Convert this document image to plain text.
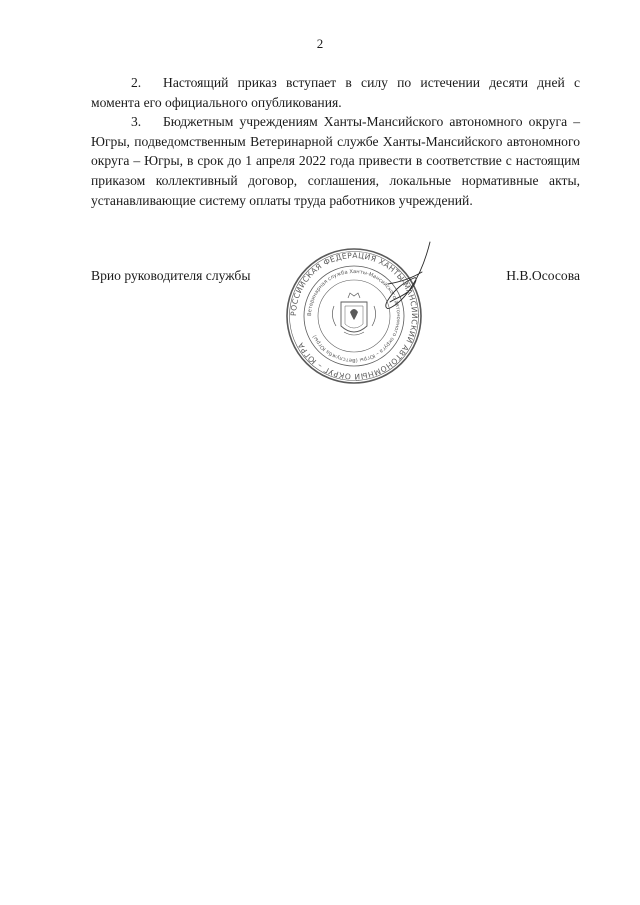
2

2. Настоящий приказ вступает в силу по истечении десяти дней с момента его официального опубликования.

3. Бюджетным учреждениям Ханты-Мансийского автономного округа – Югры, подведомственным Ветеринарной службе Ханты-Мансийского автономного округа – Югры, в срок до 1 апреля 2022 года привести в соответствие с настоящим приказом коллективный договор, соглашения, локальные нормативные акты, устанавливающие систему оплаты труда работников учреждений.

Врио руководителя службы	Н.В.Ососова
РОССИЙСКАЯ ФЕДЕРАЦИЯ ХАНТЫ-МАНСИЙСКИЙ АВТОНОМНЫЙ ОКРУГ – ЮГРА
Ветеринарная служба Ханты-Мансийского автономного округа – Югры (Ветслужба Югры)
